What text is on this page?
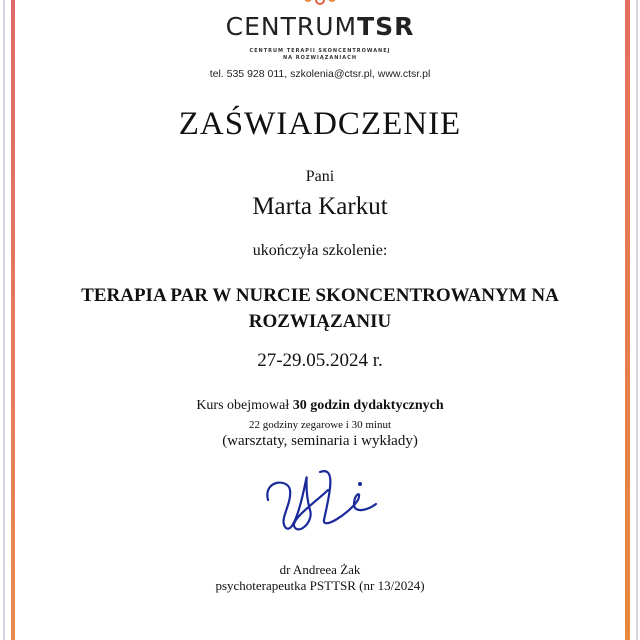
CENTRUMTSR
CENTRUM TERAPII SKONCENTROWANEJ
NA ROZWIĄZANIACH
tel. 535 928 011, szkolenia@ctsr.pl, www.ctsr.pl
ZAŚWIADCZENIE
Pani
Marta Karkut
ukończyła szkolenie:
TERAPIA PAR W NURCIE SKONCENTROWANYM NA
ROZWIĄZANIU
27-29.05.2024 r.
Kurs obejmował 30 godzin dydaktycznych
22 godziny zegarowe i 30 minut
(warsztaty, seminaria i wykłady)
dr Andreea Żak
psychoterapeutka PSTTSR (nr 13/2024)
